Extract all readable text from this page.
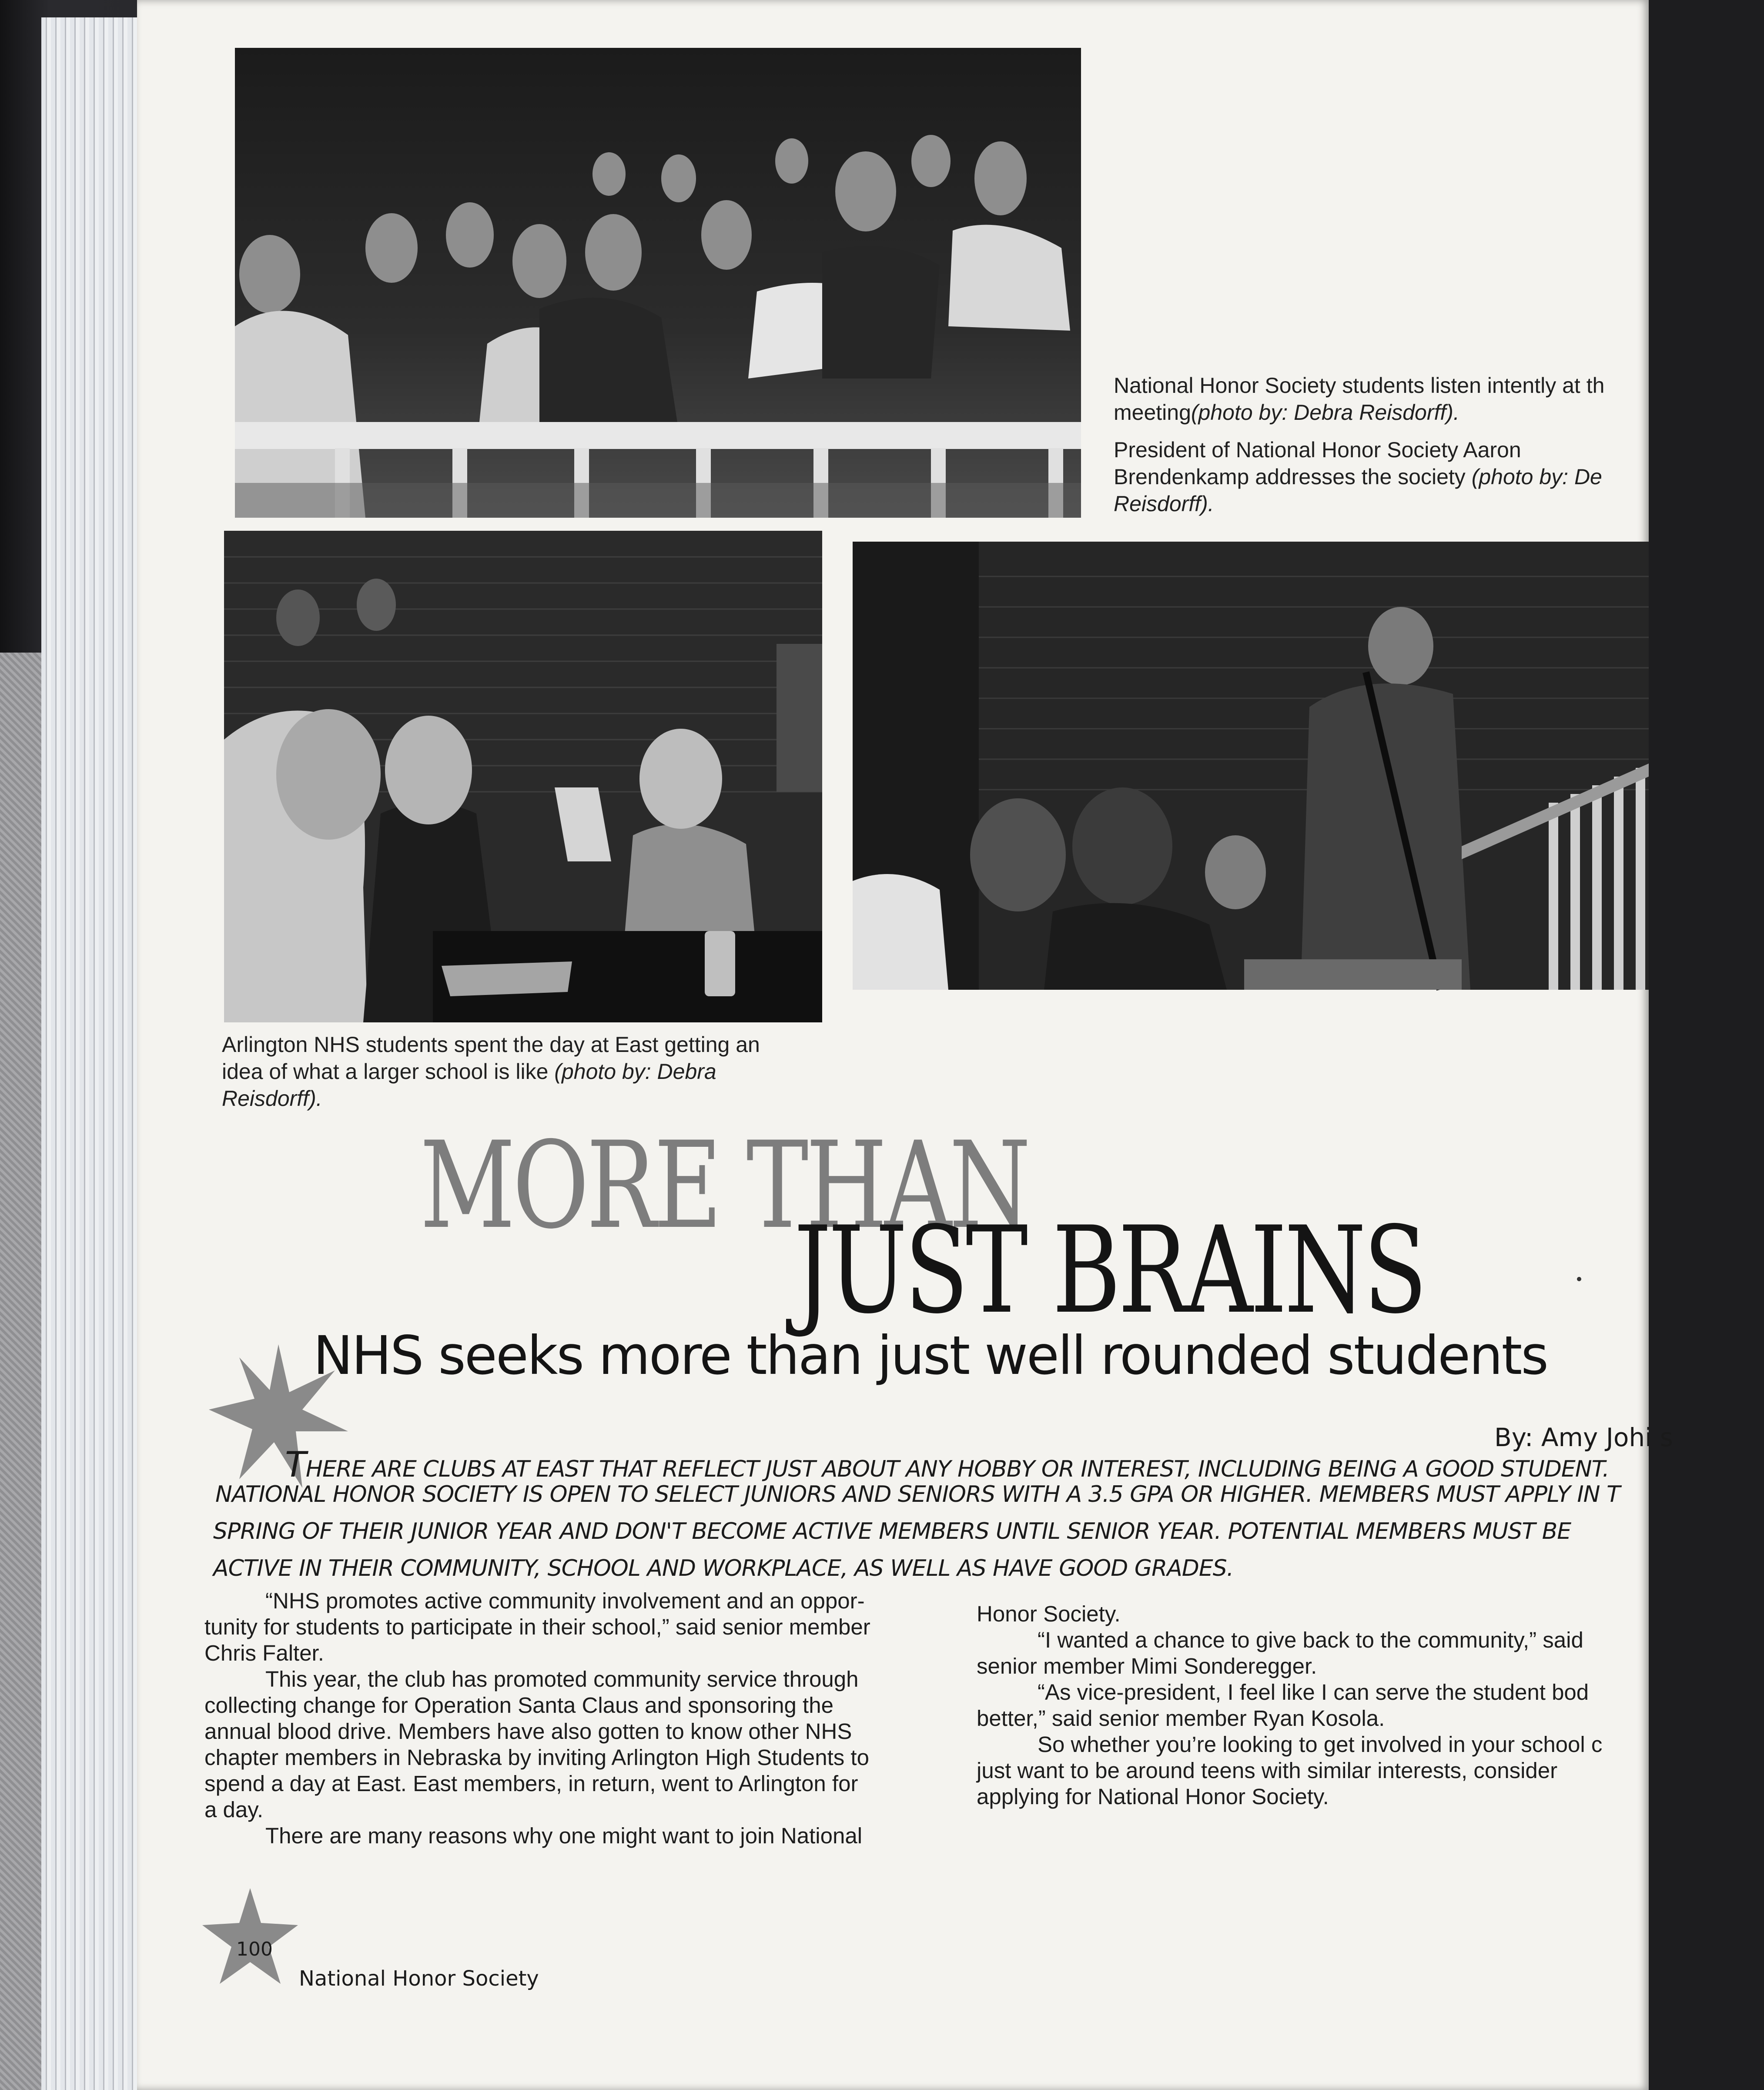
National Honor Society students listen intently at th
meeting(photo by: Debra Reisdorff).
President of National Honor Society Aaron
Brendenkamp addresses the society (photo by: De
Reisdorff).
Arlington NHS students spent the day at East getting an
idea of what a larger school is like (photo by: Debra
Reisdorff).
MORE THAN
JUST BRAINS
NHS seeks more than just well rounded students
By: Amy Johi s
THERE ARE CLUBS AT EAST THAT REFLECT JUST ABOUT ANY HOBBY OR INTEREST, INCLUDING BEING A GOOD STUDENT.
NATIONAL HONOR SOCIETY IS OPEN TO SELECT JUNIORS AND SENIORS WITH A 3.5 GPA OR HIGHER. MEMBERS MUST APPLY IN T
SPRING OF THEIR JUNIOR YEAR AND DON'T BECOME ACTIVE MEMBERS UNTIL SENIOR YEAR. POTENTIAL MEMBERS MUST BE
ACTIVE IN THEIR COMMUNITY, SCHOOL AND WORKPLACE, AS WELL AS HAVE GOOD GRADES.

“NHS promotes active community involvement and an oppor-

tunity for students to participate in their school,” said senior member

Chris Falter.

This year, the club has promoted community service through

collecting change for Operation Santa Claus and sponsoring the

annual blood drive. Members have also gotten to know other NHS

chapter members in Nebraska by inviting Arlington High Students to

spend a day at East. East members, in return, went to Arlington for

a day.

There are many reasons why one might want to join National

Honor Society.

“I wanted a chance to give back to the community,” said

senior member Mimi Sonderegger.

“As vice-president, I feel like I can serve the student bod

better,” said senior member Ryan Kosola.

So whether you’re looking to get involved in your school c

just want to be around teens with similar interests, consider

applying for National Honor Society.

100
National Honor Society
